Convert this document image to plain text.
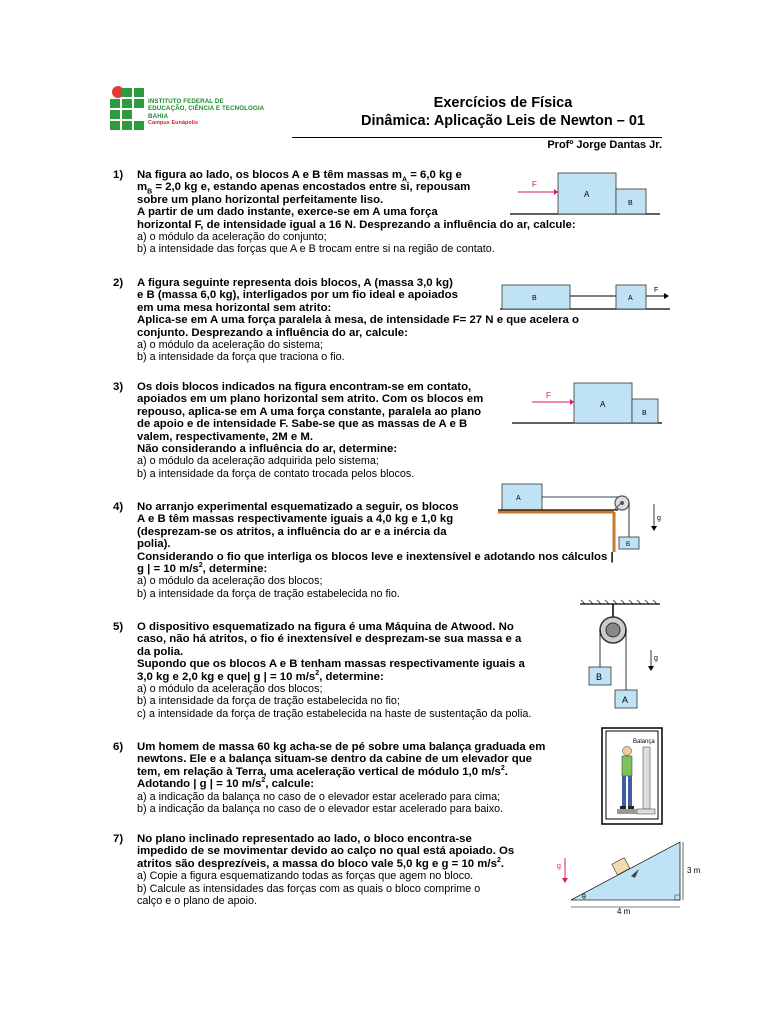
INSTITUTO FEDERAL DE
EDUCAÇÃO, CIÊNCIA E TECNOLOGIA
BAHIA
Campus Eunápolis
Exercícios de Física
Dinâmica: Aplicação Leis de Newton – 01
Profº Jorge Dantas Jr.
1) Na figura ao lado, os blocos A e B têm massas $m_A = 6,0$ kg e
$m_B = 2,0$ kg e, estando apenas encostados entre si, repousam
sobre um plano horizontal perfeitamente liso.
A partir de um dado instante, exerce-se em A uma força
horizontal F, de intensidade igual a 16 N. Desprezando a influência do ar, calcule:
a) o módulo da aceleração do conjunto;
b) a intensidade das forças que A e B trocam entre si na região de contato.
F
A
B
2) A figura seguinte representa dois blocos, A (massa 3,0 kg)
e B (massa 6,0 kg), interligados por um fio ideal e apoiados
em uma mesa horizontal sem atrito:
Aplica-se em A uma força paralela à mesa, de intensidade F= 27 N e que acelera o
conjunto. Desprezando a influência do ar, calcule:
a) o módulo da aceleração do sistema;
b) a intensidade da força que traciona o fio.
B	A
F
3) Os dois blocos indicados na figura encontram-se em contato,
apoiados em um plano horizontal sem atrito. Com os blocos em
repouso, aplica-se em A uma força constante, paralela ao plano
de apoio e de intensidade F. Sabe-se que as massas de A e B
valem, respectivamente, 2M e M.
Não considerando a influência do ar, determine:
a) o módulo da aceleração adquirida pelo sistema;
b) a intensidade da força de contato trocada pelos blocos.
F
A
B
4) No arranjo experimental esquematizado a seguir, os blocos
A e B têm massas respectivamente iguais a 4,0 kg e 1,0 kg
(desprezam-se os atritos, a influência do ar e a inércia da
polia).
Considerando o fio que interliga os blocos leve e inextensível e adotando nos cálculos |
g | = 10 $m/s^2$, determine:
a) o módulo da aceleração dos blocos;
b) a intensidade da força de tração estabelecida no fio.
A
B
g
5) O dispositivo esquematizado na figura é uma Máquina de Atwood. No
caso, não há atritos, o fio é inextensível e desprezam-se sua massa e a
da polia.
Supondo que os blocos A e B tenham massas respectivamente iguais a
3,0 kg e 2,0 kg e que| g | = 10 $m/s^2$, determine:
a) o módulo da aceleração dos blocos;
b) a intensidade da força de tração estabelecida no fio;
c) a intensidade da força de tração estabelecida na haste de sustentação da polia.
B
A
g
6) Um homem de massa 60 kg acha-se de pé sobre uma balança graduada em
newtons. Ele e a balança situam-se dentro da cabine de um elevador que
tem, em relação à Terra, uma aceleração vertical de módulo 1,0 $m/s^2$.
Adotando | g | = 10 $m/s^2$, calcule:
a) a indicação da balança no caso de o elevador estar acelerado para cima;
b) a indicação da balança no caso de o elevador estar acelerado para baixo.
Balança
7) No plano inclinado representado ao lado, o bloco encontra-se
impedido de se movimentar devido ao calço no qual está apoiado. Os
atritos são desprezíveis, a massa do bloco vale 5,0 kg e g = 10 $m/s^2$.
a) Copie a figura esquematizando todas as forças que agem no bloco.
b) Calcule as intensidades das forças com as quais o bloco comprime o
calço e o plano de apoio.
g
θ
3 m
4 m
